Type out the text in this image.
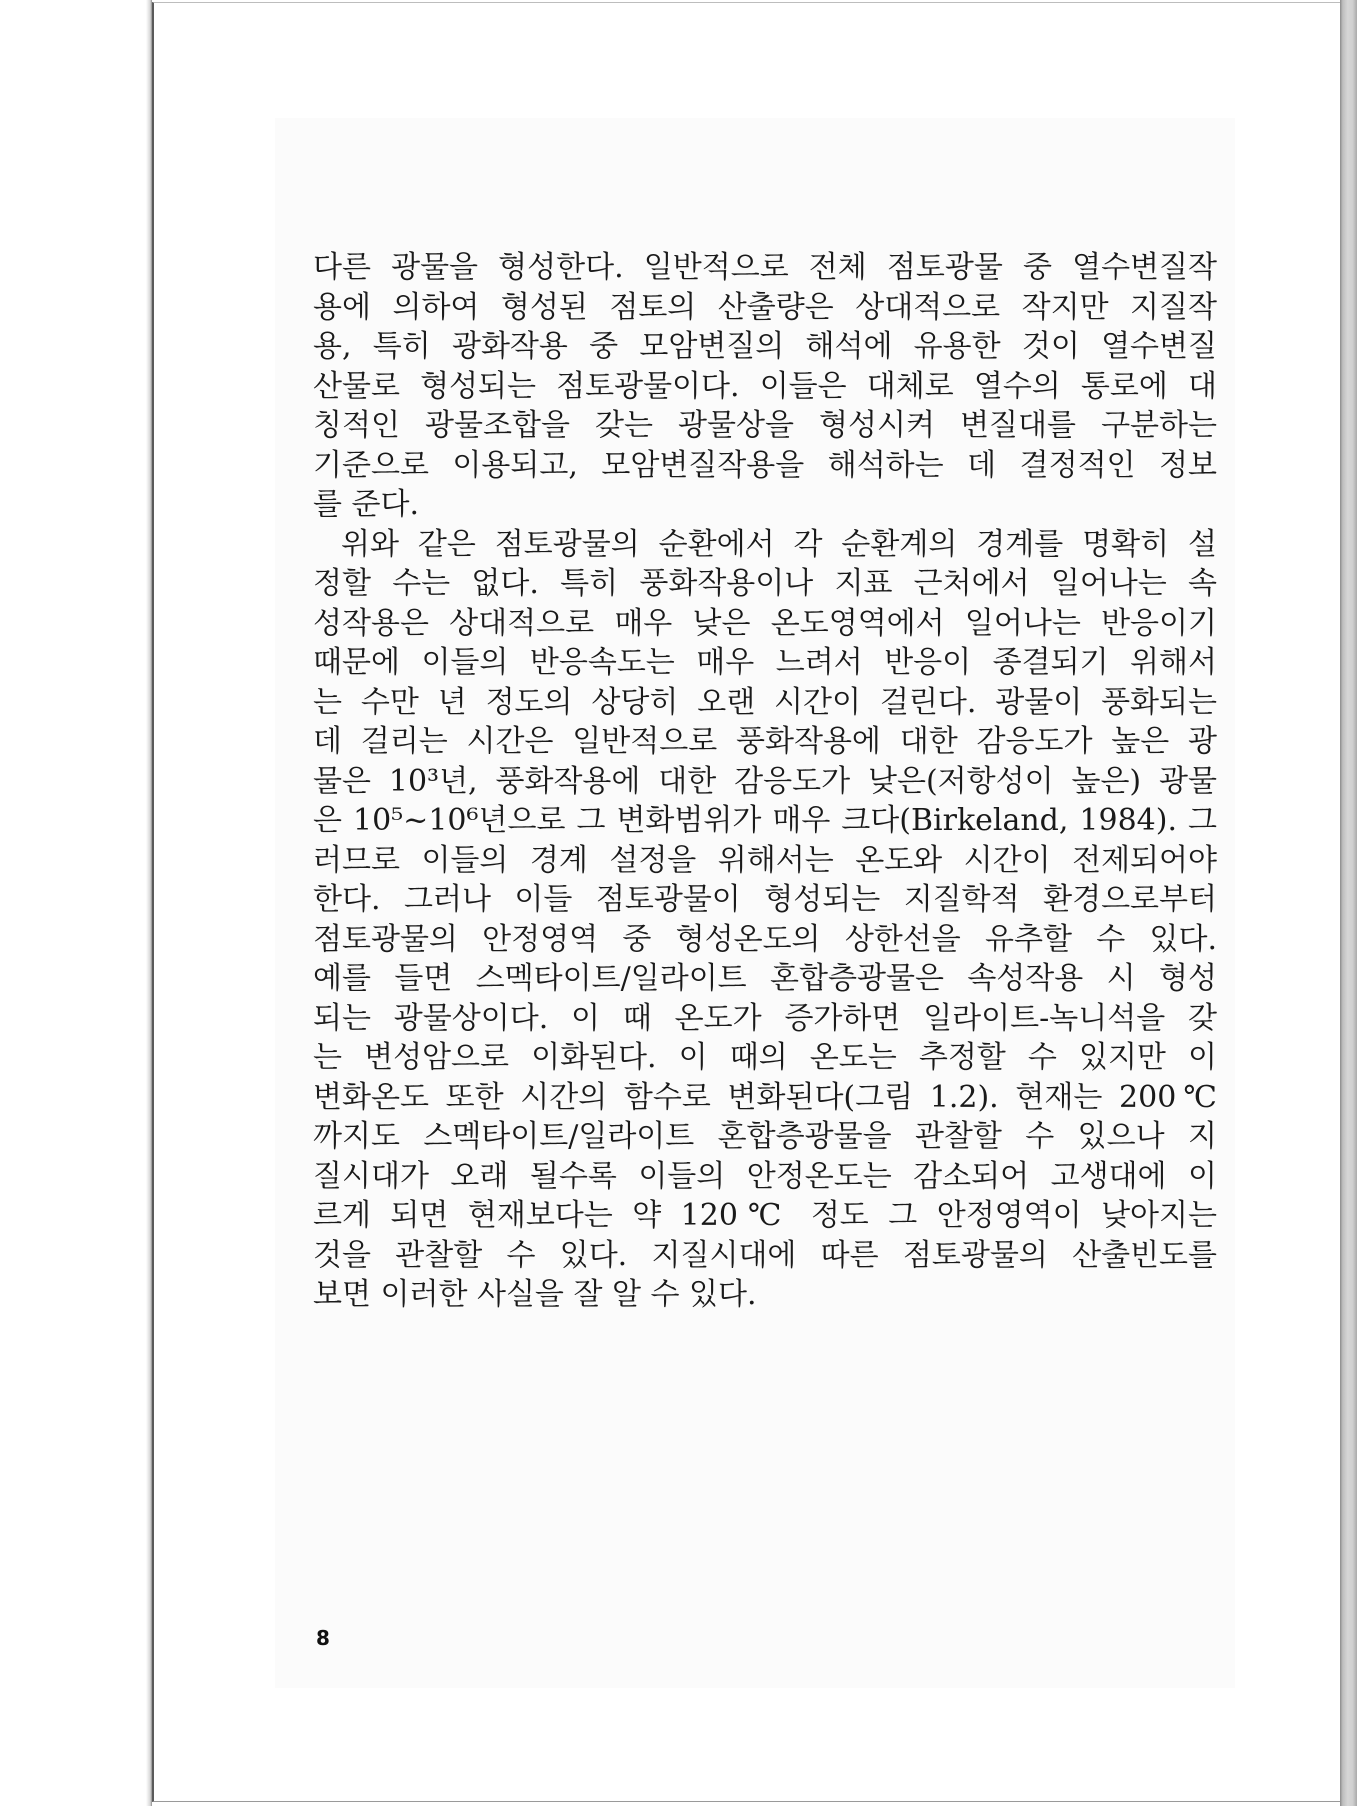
다른 광물을 형성한다. 일반적으로 전체 점토광물 중 열수변질작
용에 의하여 형성된 점토의 산출량은 상대적으로 작지만 지질작
용, 특히 광화작용 중 모암변질의 해석에 유용한 것이 열수변질
산물로 형성되는 점토광물이다. 이들은 대체로 열수의 통로에 대
칭적인 광물조합을 갖는 광물상을 형성시켜 변질대를 구분하는
기준으로 이용되고, 모암변질작용을 해석하는 데 결정적인 정보
를 준다.

위와 같은 점토광물의 순환에서 각 순환계의 경계를 명확히 설
정할 수는 없다. 특히 풍화작용이나 지표 근처에서 일어나는 속
성작용은 상대적으로 매우 낮은 온도영역에서 일어나는 반응이기
때문에 이들의 반응속도는 매우 느려서 반응이 종결되기 위해서
는 수만 년 정도의 상당히 오랜 시간이 걸린다. 광물이 풍화되는
데 걸리는 시간은 일반적으로 풍화작용에 대한 감응도가 높은 광
물은 10³년, 풍화작용에 대한 감응도가 낮은(저항성이 높은) 광물
은 10⁵~10⁶년으로 그 변화범위가 매우 크다(Birkeland, 1984). 그
러므로 이들의 경계 설정을 위해서는 온도와 시간이 전제되어야
한다. 그러나 이들 점토광물이 형성되는 지질학적 환경으로부터
점토광물의 안정영역 중 형성온도의 상한선을 유추할 수 있다.
예를 들면 스멕타이트/일라이트 혼합층광물은 속성작용 시 형성
되는 광물상이다. 이 때 온도가 증가하면 일라이트-녹니석을 갖
는 변성암으로 이화된다. 이 때의 온도는 추정할 수 있지만 이
변화온도 또한 시간의 함수로 변화된다(그림 1.2). 현재는 200℃
까지도 스멕타이트/일라이트 혼합층광물을 관찰할 수 있으나 지
질시대가 오래 될수록 이들의 안정온도는 감소되어 고생대에 이
르게 되면 현재보다는 약 120℃ 정도 그 안정영역이 낮아지는
것을 관찰할 수 있다. 지질시대에 따른 점토광물의 산출빈도를
보면 이러한 사실을 잘 알 수 있다.

8
